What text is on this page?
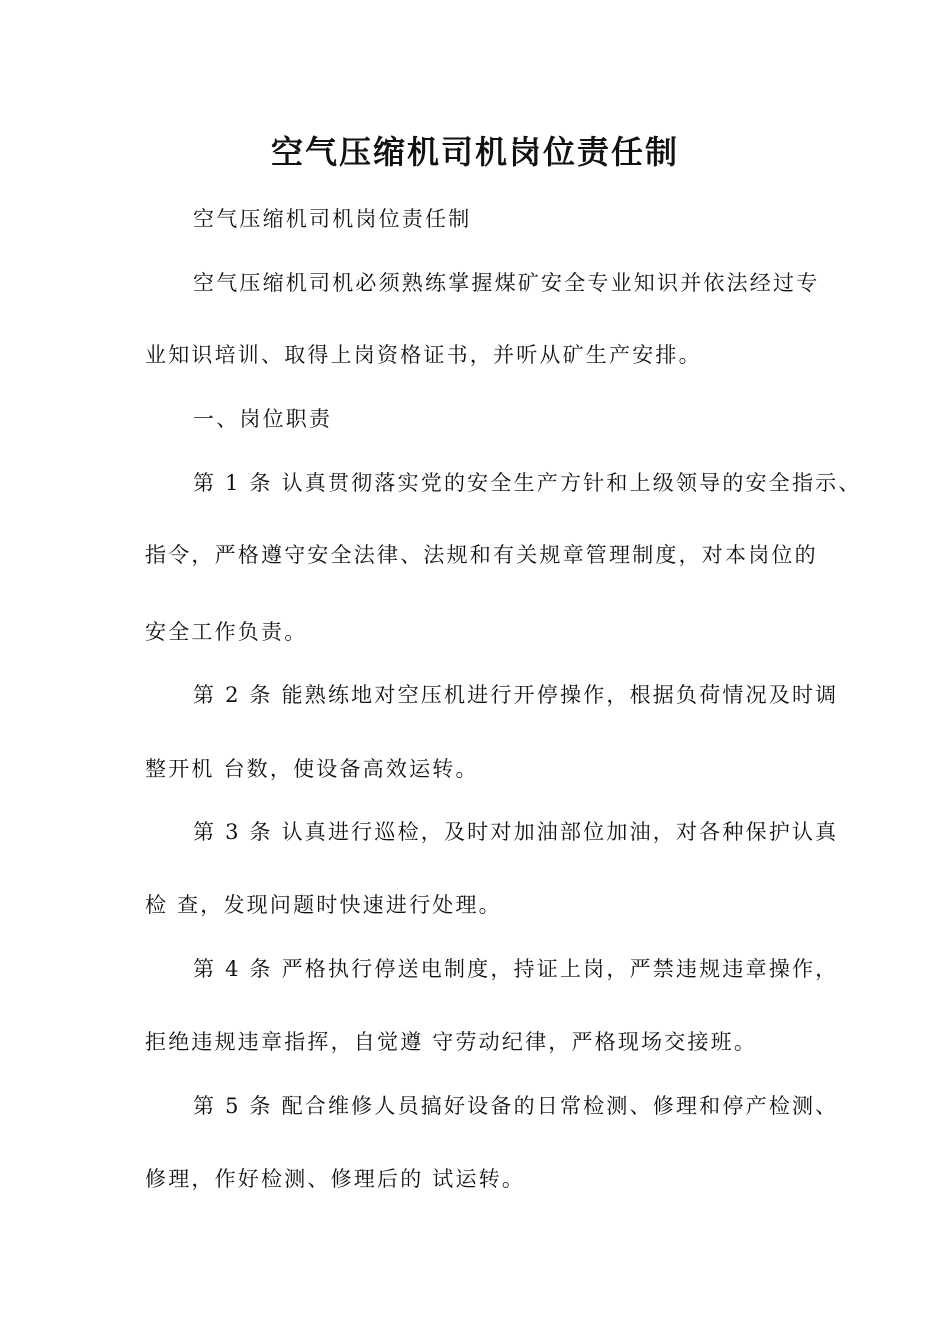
空气压缩机司机岗位责任制

空气压缩机司机岗位责任制

空气压缩机司机必须熟练掌握煤矿安全专业知识并依法经过专

业知识培训、取得上岗资格证书，并听从矿生产安排。

一、岗位职责

第 1 条 认真贯彻落实党的安全生产方针和上级领导的安全指示、

指令，严格遵守安全法律、法规和有关规章管理制度，对本岗位的

安全工作负责。

第 2 条 能熟练地对空压机进行开停操作，根据负荷情况及时调

整开机 台数，使设备高效运转。

第 3 条 认真进行巡检，及时对加油部位加油，对各种保护认真

检 查，发现问题时快速进行处理。

第 4 条 严格执行停送电制度，持证上岗，严禁违规违章操作，

拒绝违规违章指挥，自觉遵 守劳动纪律，严格现场交接班。

第 5 条 配合维修人员搞好设备的日常检测、修理和停产检测、

修理，作好检测、修理后的 试运转。
